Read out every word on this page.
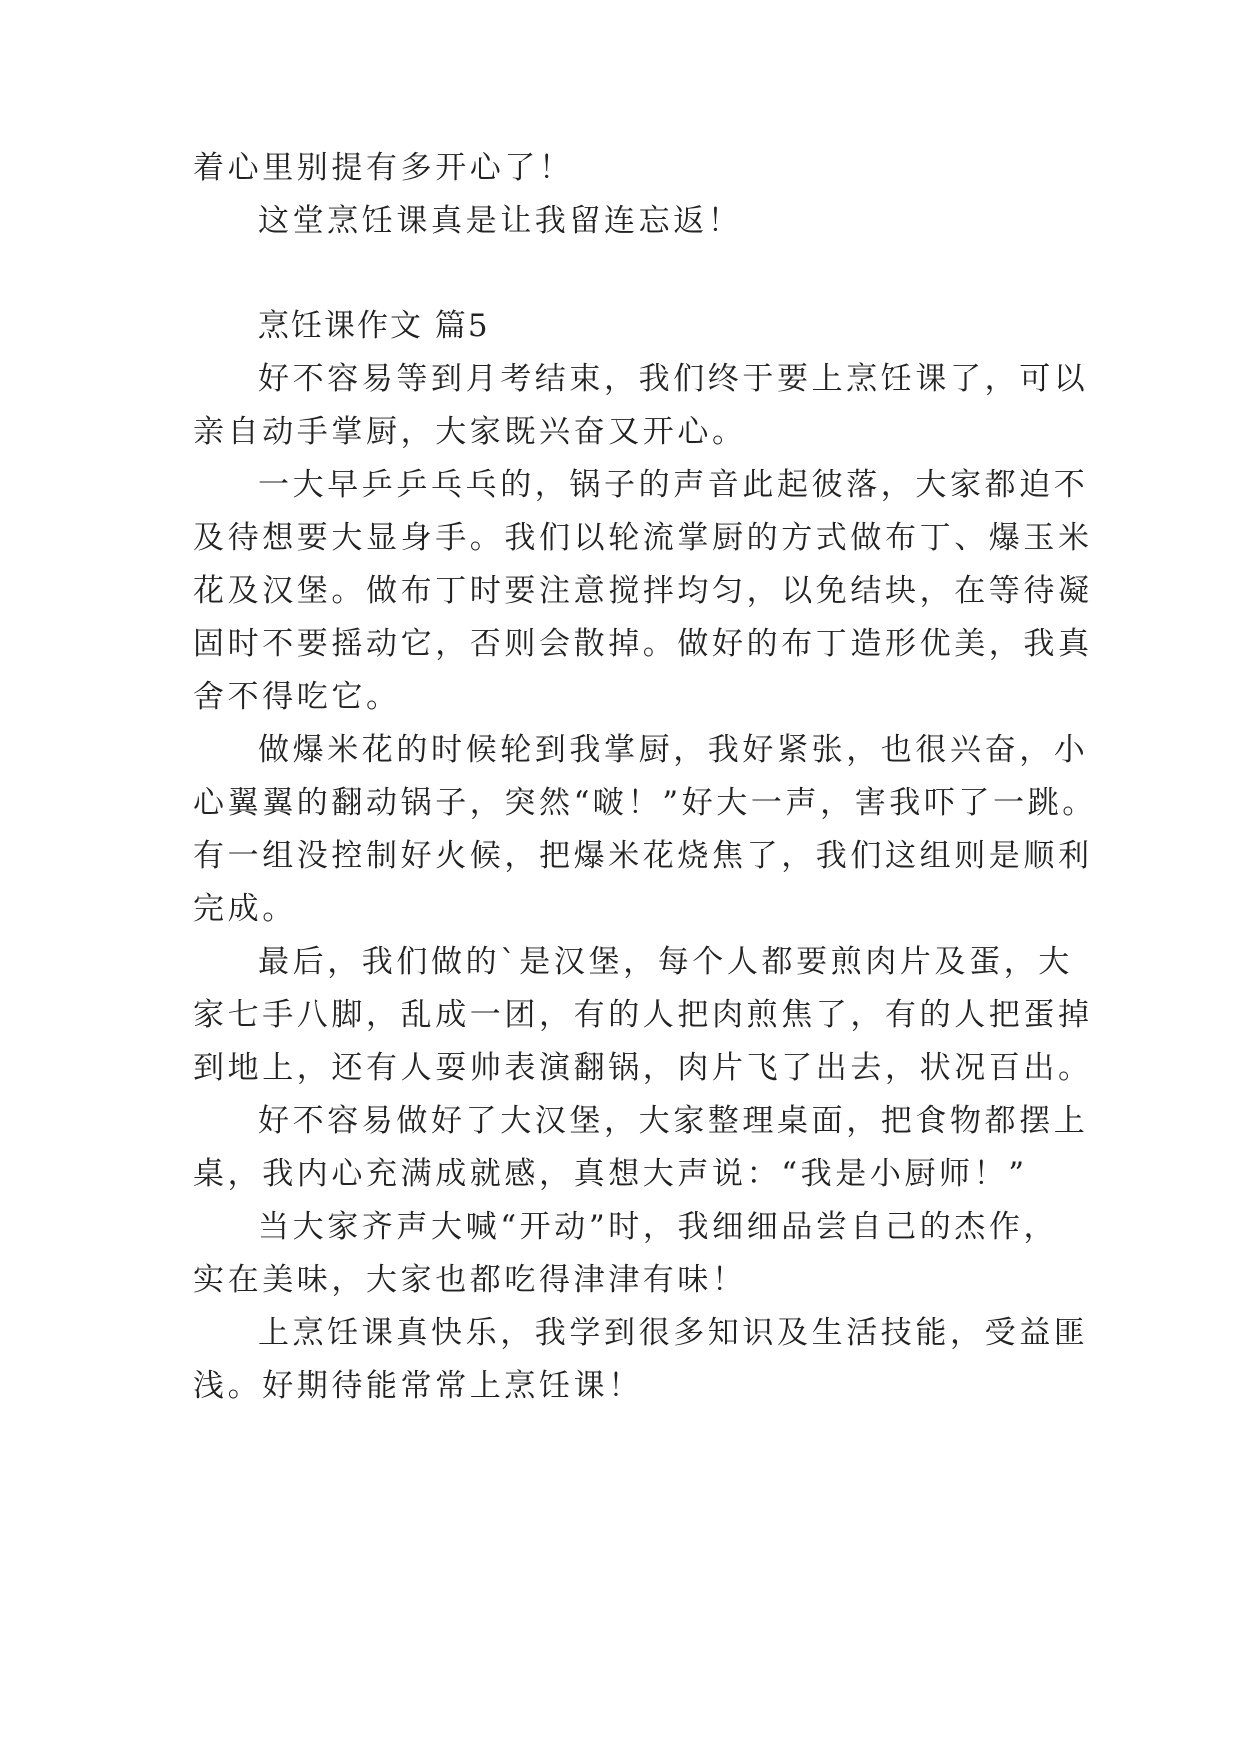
着心里别提有多开心了！
这堂烹饪课真是让我留连忘返！
烹饪课作文 篇5
好不容易等到月考结束，我们终于要上烹饪课了，可以
亲自动手掌厨，大家既兴奋又开心。
一大早乒乒乓乓的，锅子的声音此起彼落，大家都迫不
及待想要大显身手。我们以轮流掌厨的方式做布丁、爆玉米
花及汉堡。做布丁时要注意搅拌均匀，以免结块，在等待凝
固时不要摇动它，否则会散掉。做好的布丁造形优美，我真
舍不得吃它。
做爆米花的时候轮到我掌厨，我好紧张，也很兴奋，小
心翼翼的翻动锅子，突然“啵！”好大一声，害我吓了一跳。
有一组没控制好火候，把爆米花烧焦了，我们这组则是顺利
完成。
最后，我们做的`是汉堡，每个人都要煎肉片及蛋，大
家七手八脚，乱成一团，有的人把肉煎焦了，有的人把蛋掉
到地上，还有人耍帅表演翻锅，肉片飞了出去，状况百出。
好不容易做好了大汉堡，大家整理桌面，把食物都摆上
桌，我内心充满成就感，真想大声说：“我是小厨师！”
当大家齐声大喊“开动”时，我细细品尝自己的杰作，
实在美味，大家也都吃得津津有味！
上烹饪课真快乐，我学到很多知识及生活技能，受益匪
浅。好期待能常常上烹饪课！
